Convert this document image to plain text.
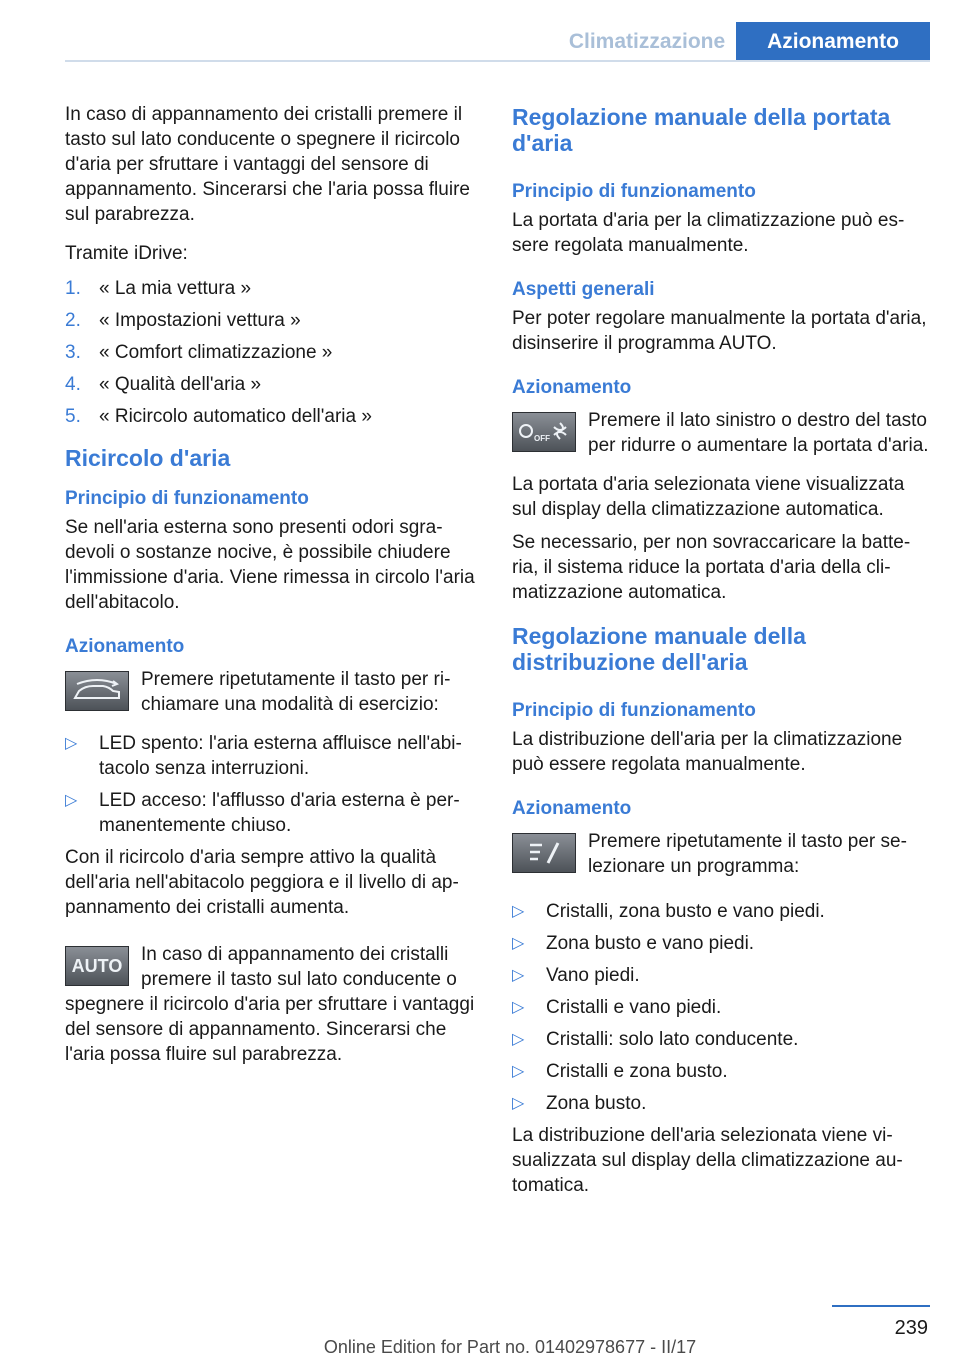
Climatizzazione	Azionamento

In caso di appannamento dei cristalli premere il tasto sul lato conducente o spegnere il ricircolo d'aria per sfruttare i vantaggi del sensore di appannamento. Sincerarsi che l'aria possa fluire sul parabrezza.

Tramite iDrive:

1. « La mia vettura »
2. « Impostazioni vettura »
3. « Comfort climatizzazione »
4. « Qualità dell'aria »
5. « Ricircolo automatico dell'aria »
Ricircolo d'aria
Principio di funzionamento

Se nell'aria esterna sono presenti odori sgradevoli o sostanze nocive, è possibile chiudere l'immissione d'aria. Viene rimessa in circolo l'aria dell'abitacolo.

Azionamento

Premere ripetutamente il tasto per richiamare una modalità di esercizio:

▷ LED spento: l'aria esterna affluisce nell'abitacolo senza interruzioni.
▷ LED acceso: l'afflusso d'aria esterna è permanentemente chiuso.

Con il ricircolo d'aria sempre attivo la qualità dell'aria nell'abitacolo peggiora e il livello di appannamento dei cristalli aumenta.

AUTO

In caso di appannamento dei cristalli premere il tasto sul lato conducente o spegnere il ricircolo d'aria per sfruttare i vantaggi del sensore di appannamento. Sincerarsi che l'aria possa fluire sul parabrezza.

Regolazione manuale della portata d'aria
Principio di funzionamento

La portata d'aria per la climatizzazione può essere regolata manualmente.

Aspetti generali

Per poter regolare manualmente la portata d'aria, disinserire il programma AUTO.

Azionamento
OFF

Premere il lato sinistro o destro del tasto per ridurre o aumentare la portata d'aria.

La portata d'aria selezionata viene visualizzata sul display della climatizzazione automatica.

Se necessario, per non sovraccaricare la batteria, il sistema riduce la portata d'aria della climatizzazione automatica.

Regolazione manuale della distribuzione dell'aria
Principio di funzionamento

La distribuzione dell'aria per la climatizzazione può essere regolata manualmente.

Azionamento

Premere ripetutamente il tasto per selezionare un programma:

▷ Cristalli, zona busto e vano piedi.
▷ Zona busto e vano piedi.
▷ Vano piedi.
▷ Cristalli e vano piedi.
▷ Cristalli: solo lato conducente.
▷ Cristalli e zona busto.
▷ Zona busto.

La distribuzione dell'aria selezionata viene visualizzata sul display della climatizzazione automatica.

239
Online Edition for Part no. 01402978677 - II/17
